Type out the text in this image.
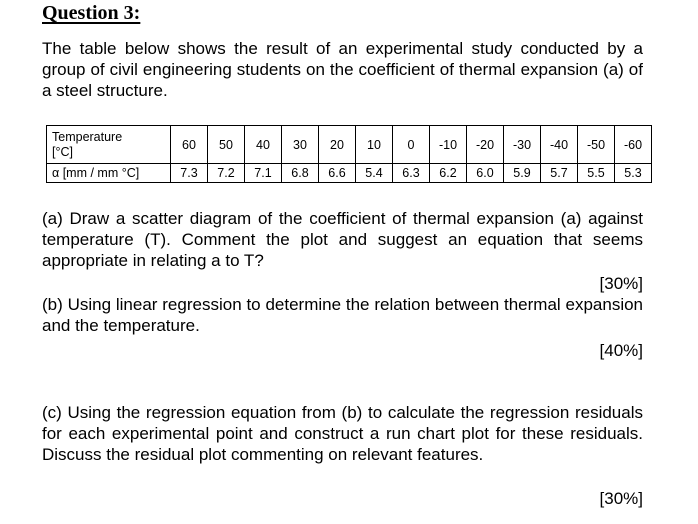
Question 3:

The table below shows the result of an experimental study conducted by a group of civil engineering students on the coefficient of thermal expansion (a) of a steel structure.

Temperature
[°C]	60	50	40	30	20	10	0	-10	-20	-30	-40	-50	-60
α [mm / mm °C]	7.3	7.2	7.1	6.8	6.6	5.4	6.3	6.2	6.0	5.9	5.7	5.5	5.3

(a) Draw a scatter diagram of the coefficient of thermal expansion (a) against temperature (T). Comment the plot and suggest an equation that seems appropriate in relating a to T?

[30%]

(b) Using linear regression to determine the relation between thermal expansion and the temperature.

[40%]

(c) Using the regression equation from (b) to calculate the regression residuals for each experimental point and construct a run chart plot for these residuals. Discuss the residual plot commenting on relevant features.

[30%]
